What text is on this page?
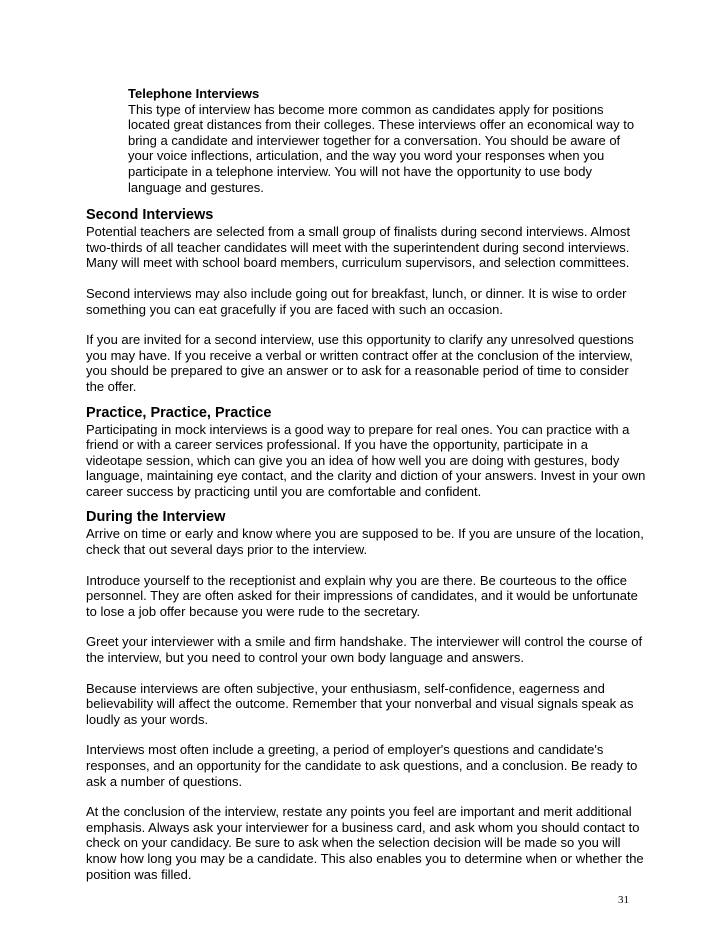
Telephone Interviews

This type of interview has become more common as candidates apply for positions located great distances from their colleges. These interviews offer an economical way to bring a candidate and interviewer together for a conversation. You should be aware of your voice inflections, articulation, and the way you word your responses when you participate in a telephone interview. You will not have the opportunity to use body language and gestures.

Second Interviews

Potential teachers are selected from a small group of finalists during second interviews. Almost two-thirds of all teacher candidates will meet with the superintendent during second interviews. Many will meet with school board members, curriculum supervisors, and selection committees.

Second interviews may also include going out for breakfast, lunch, or dinner. It is wise to order something you can eat gracefully if you are faced with such an occasion.

If you are invited for a second interview, use this opportunity to clarify any unresolved questions you may have. If you receive a verbal or written contract offer at the conclusion of the interview, you should be prepared to give an answer or to ask for a reasonable period of time to consider the offer.

Practice, Practice, Practice

Participating in mock interviews is a good way to prepare for real ones. You can practice with a friend or with a career services professional. If you have the opportunity, participate in a videotape session, which can give you an idea of how well you are doing with gestures, body language, maintaining eye contact, and the clarity and diction of your answers. Invest in your own career success by practicing until you are comfortable and confident.

During the Interview

Arrive on time or early and know where you are supposed to be. If you are unsure of the location, check that out several days prior to the interview.

Introduce yourself to the receptionist and explain why you are there. Be courteous to the office personnel. They are often asked for their impressions of candidates, and it would be unfortunate to lose a job offer because you were rude to the secretary.

Greet your interviewer with a smile and firm handshake. The interviewer will control the course of the interview, but you need to control your own body language and answers.

Because interviews are often subjective, your enthusiasm, self-confidence, eagerness and believability will affect the outcome. Remember that your nonverbal and visual signals speak as loudly as your words.

Interviews most often include a greeting, a period of employer's questions and candidate's responses, and an opportunity for the candidate to ask questions, and a conclusion. Be ready to ask a number of questions.

At the conclusion of the interview, restate any points you feel are important and merit additional emphasis. Always ask your interviewer for a business card, and ask whom you should contact to check on your candidacy. Be sure to ask when the selection decision will be made so you will know how long you may be a candidate. This also enables you to determine when or whether the position was filled.

31
